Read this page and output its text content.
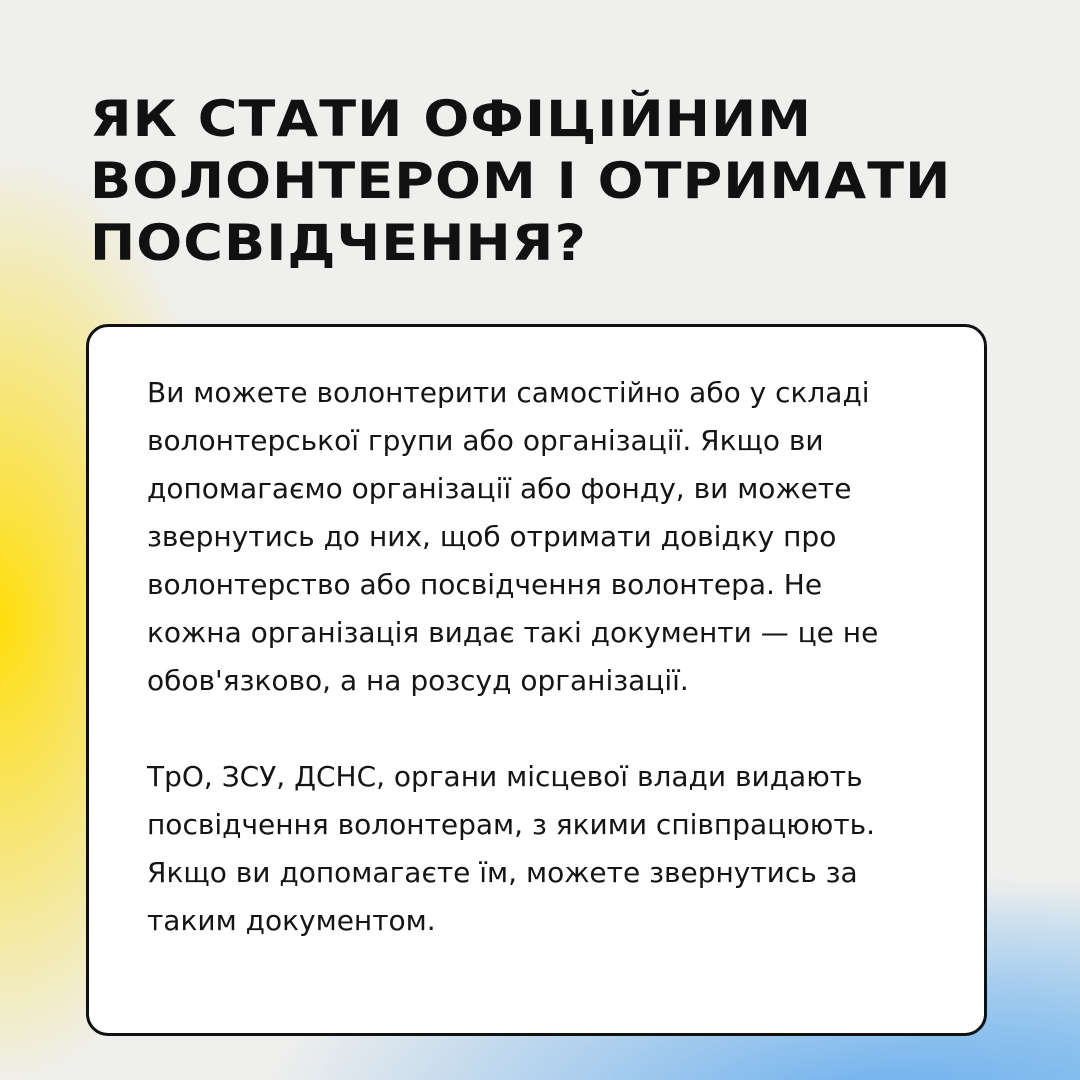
ЯК СТАТИ ОФІЦІЙНИМ
ВОЛОНТЕРОМ І ОТРИМАТИ
ПОСВІДЧЕННЯ?

Ви можете волонтерити самостійно або у складі
волонтерської групи або організації. Якщо ви
допомагаємо організації або фонду, ви можете
звернутись до них, щоб отримати довідку про
волонтерство або посвідчення волонтера. Не
кожна організація видає такі документи — це не
обов'язково, а на розсуд організації.

ТрО, ЗСУ, ДСНС, органи місцевої влади видають
посвідчення волонтерам, з якими співпрацюють.
Якщо ви допомагаєте їм, можете звернутись за
таким документом.
